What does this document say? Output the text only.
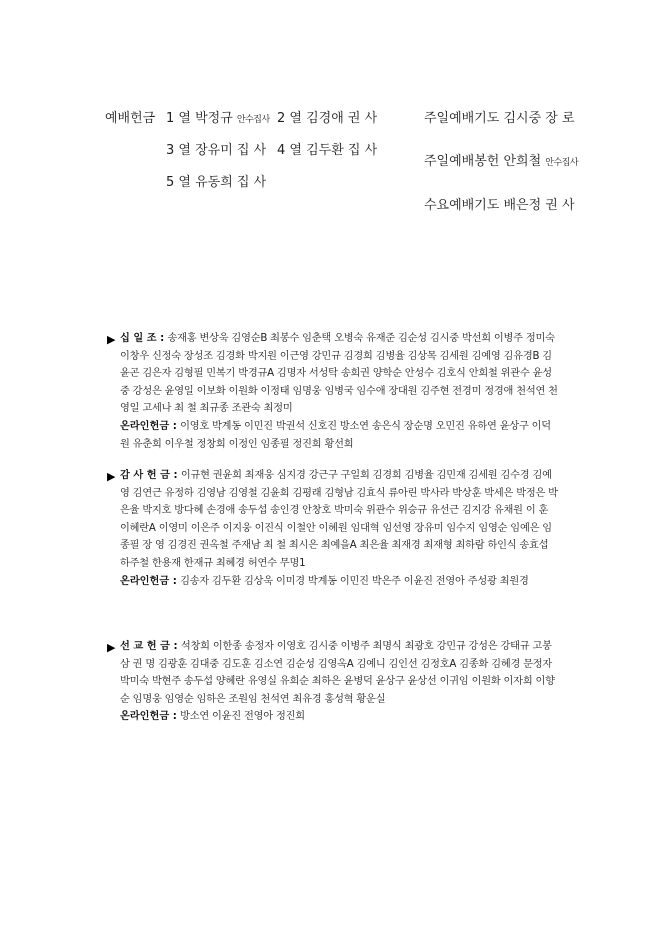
예배헌금 1 열 박정규 안수집사 2 열 김경애 권 사
3 열 장유미 집 사 4 열 김두환 집 사
5 열 유동희 집 사
주일예배기도 김시중 장 로
주일예배봉헌 안희철 안수집사
수요예배기도 배은정 권 사
▶ 십 일 조 : 송재홍 변상욱 김영순B 최봉수 임춘택 오병숙 유재준 김순성 김시중 박선희 이병주 정미숙 이창우 신정숙 장성조 김경화 박지원 이근영 강민규 김경희 김병율 김상목 김세원 김예영 김유경B 김윤곤 김은자 김형필 민복기 박경규A 김명자 서성탁 송희권 양학순 안성수 김호식 안희철 위관수 윤성중 강성은 윤영일 이보화 이원화 이정태 임명웅 임병국 임수애 장대원 김주현 전경미 정경애 천석연 천영일 고세나 최 철 최규종 조관숙 최정미
온라인헌금 : 이영호 박계동 이민진 박권석 신호진 방소연 송은식 장순명 오민진 유하연 윤상구 이덕원 유춘희 이우철 정창희 이정인 임종필 정진희 황선희
▶ 감 사 헌 금 : 이규현 권윤희 최재웅 심지경 강근구 구일회 김경희 김병율 김민재 김세원 김수경 김예영 김연근 유정하 김영남 김영철 김윤희 김평래 김형남 김효식 류아린 박사라 박상훈 박세은 박정은 박은율 박지호 방다혜 손경애 송두섭 송인경 안창호 박미숙 위관수 위승규 유선근 김지강 유채원 이 훈 이혜란A 이영미 이은주 이지웅 이진식 이철안 이혜원 임대혁 임선영 장유미 임수지 임영순 임예은 임종필 장 영 김경진 권옥철 주재남 최 철 최시은 최예을A 최은율 최재경 최재형 최하람 하인식 송효섭 하주철 한용재 한재규 최혜경 허연수 무명1
온라인헌금 : 김송자 김두환 김상욱 이미경 박계동 이민진 박은주 이윤진 전영아 주성광 최원경
▶ 선 교 헌 금 : 석창희 이한종 송정자 이영호 김시중 이병주 최명식 최광호 강민규 강성은 강태규 고봉삼 권 명 김광훈 김대중 김도훈 김소연 김순성 김영옥A 김예니 김인선 김정호A 김종화 김혜경 문정자 박미숙 박현주 송두섭 양혜란 유영실 유희순 최하은 윤병덕 윤상구 윤상선 이귀임 이원화 이자희 이향순 임명웅 임영순 임하은 조원임 천석연 최유경 홍성혁 황운실
온라인헌금 : 방소연 이윤진 전영아 정진희
